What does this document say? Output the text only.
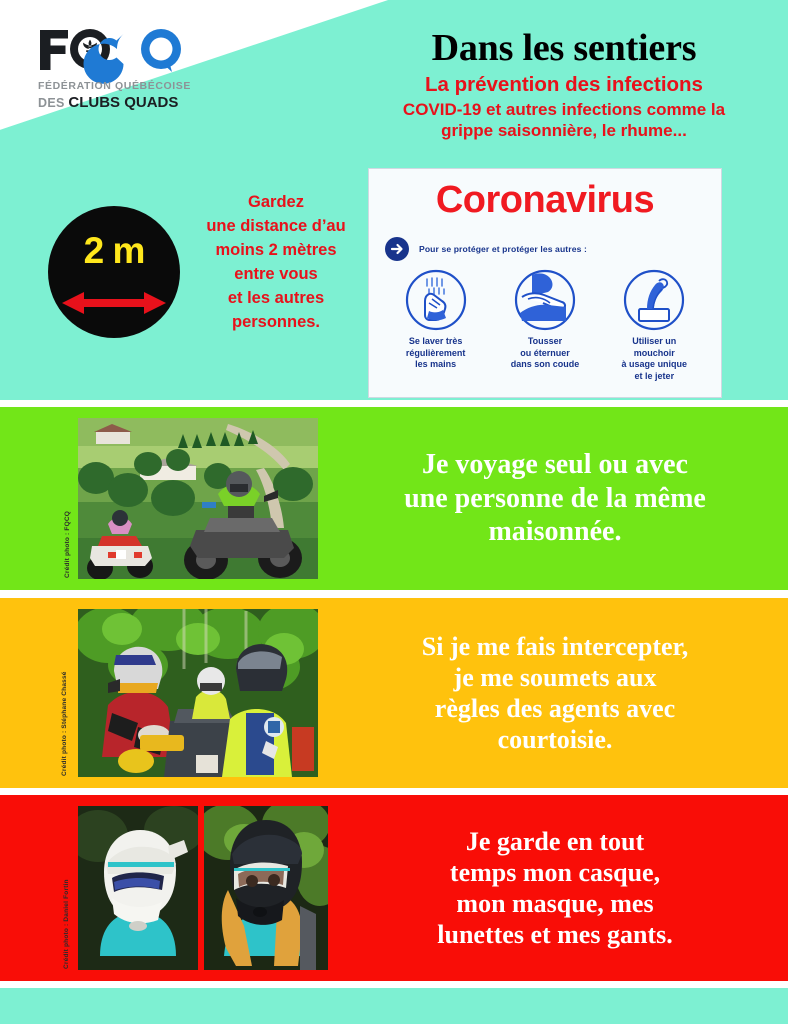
FÉDÉRATION QUÉBÉCOISE
DES CLUBS QUADS
Dans les sentiers
La prévention des infections
COVID-19 et autres infections comme la
grippe saisonnière, le rhume...
2 m
Gardez
une distance d’au
moins 2 mètres
entre vous
et les autres
personnes.
Coronavirus
Pour se protéger et protéger les autres :
Se laver très
régulièrement
les mains
Tousser
ou éternuer
dans son coude
Utiliser un
mouchoir
à usage unique
et le jeter
Crédit photo : FQCQ
Je voyage seul ou avec
une personne de la même
maisonnée.
Crédit photo : Stéphane Chassé
Si je me fais intercepter,
je me soumets aux
règles des agents avec
courtoisie.
Crédit photo : Daniel Fortin
Je garde en tout
temps mon casque,
mon masque, mes
lunettes et mes gants.
